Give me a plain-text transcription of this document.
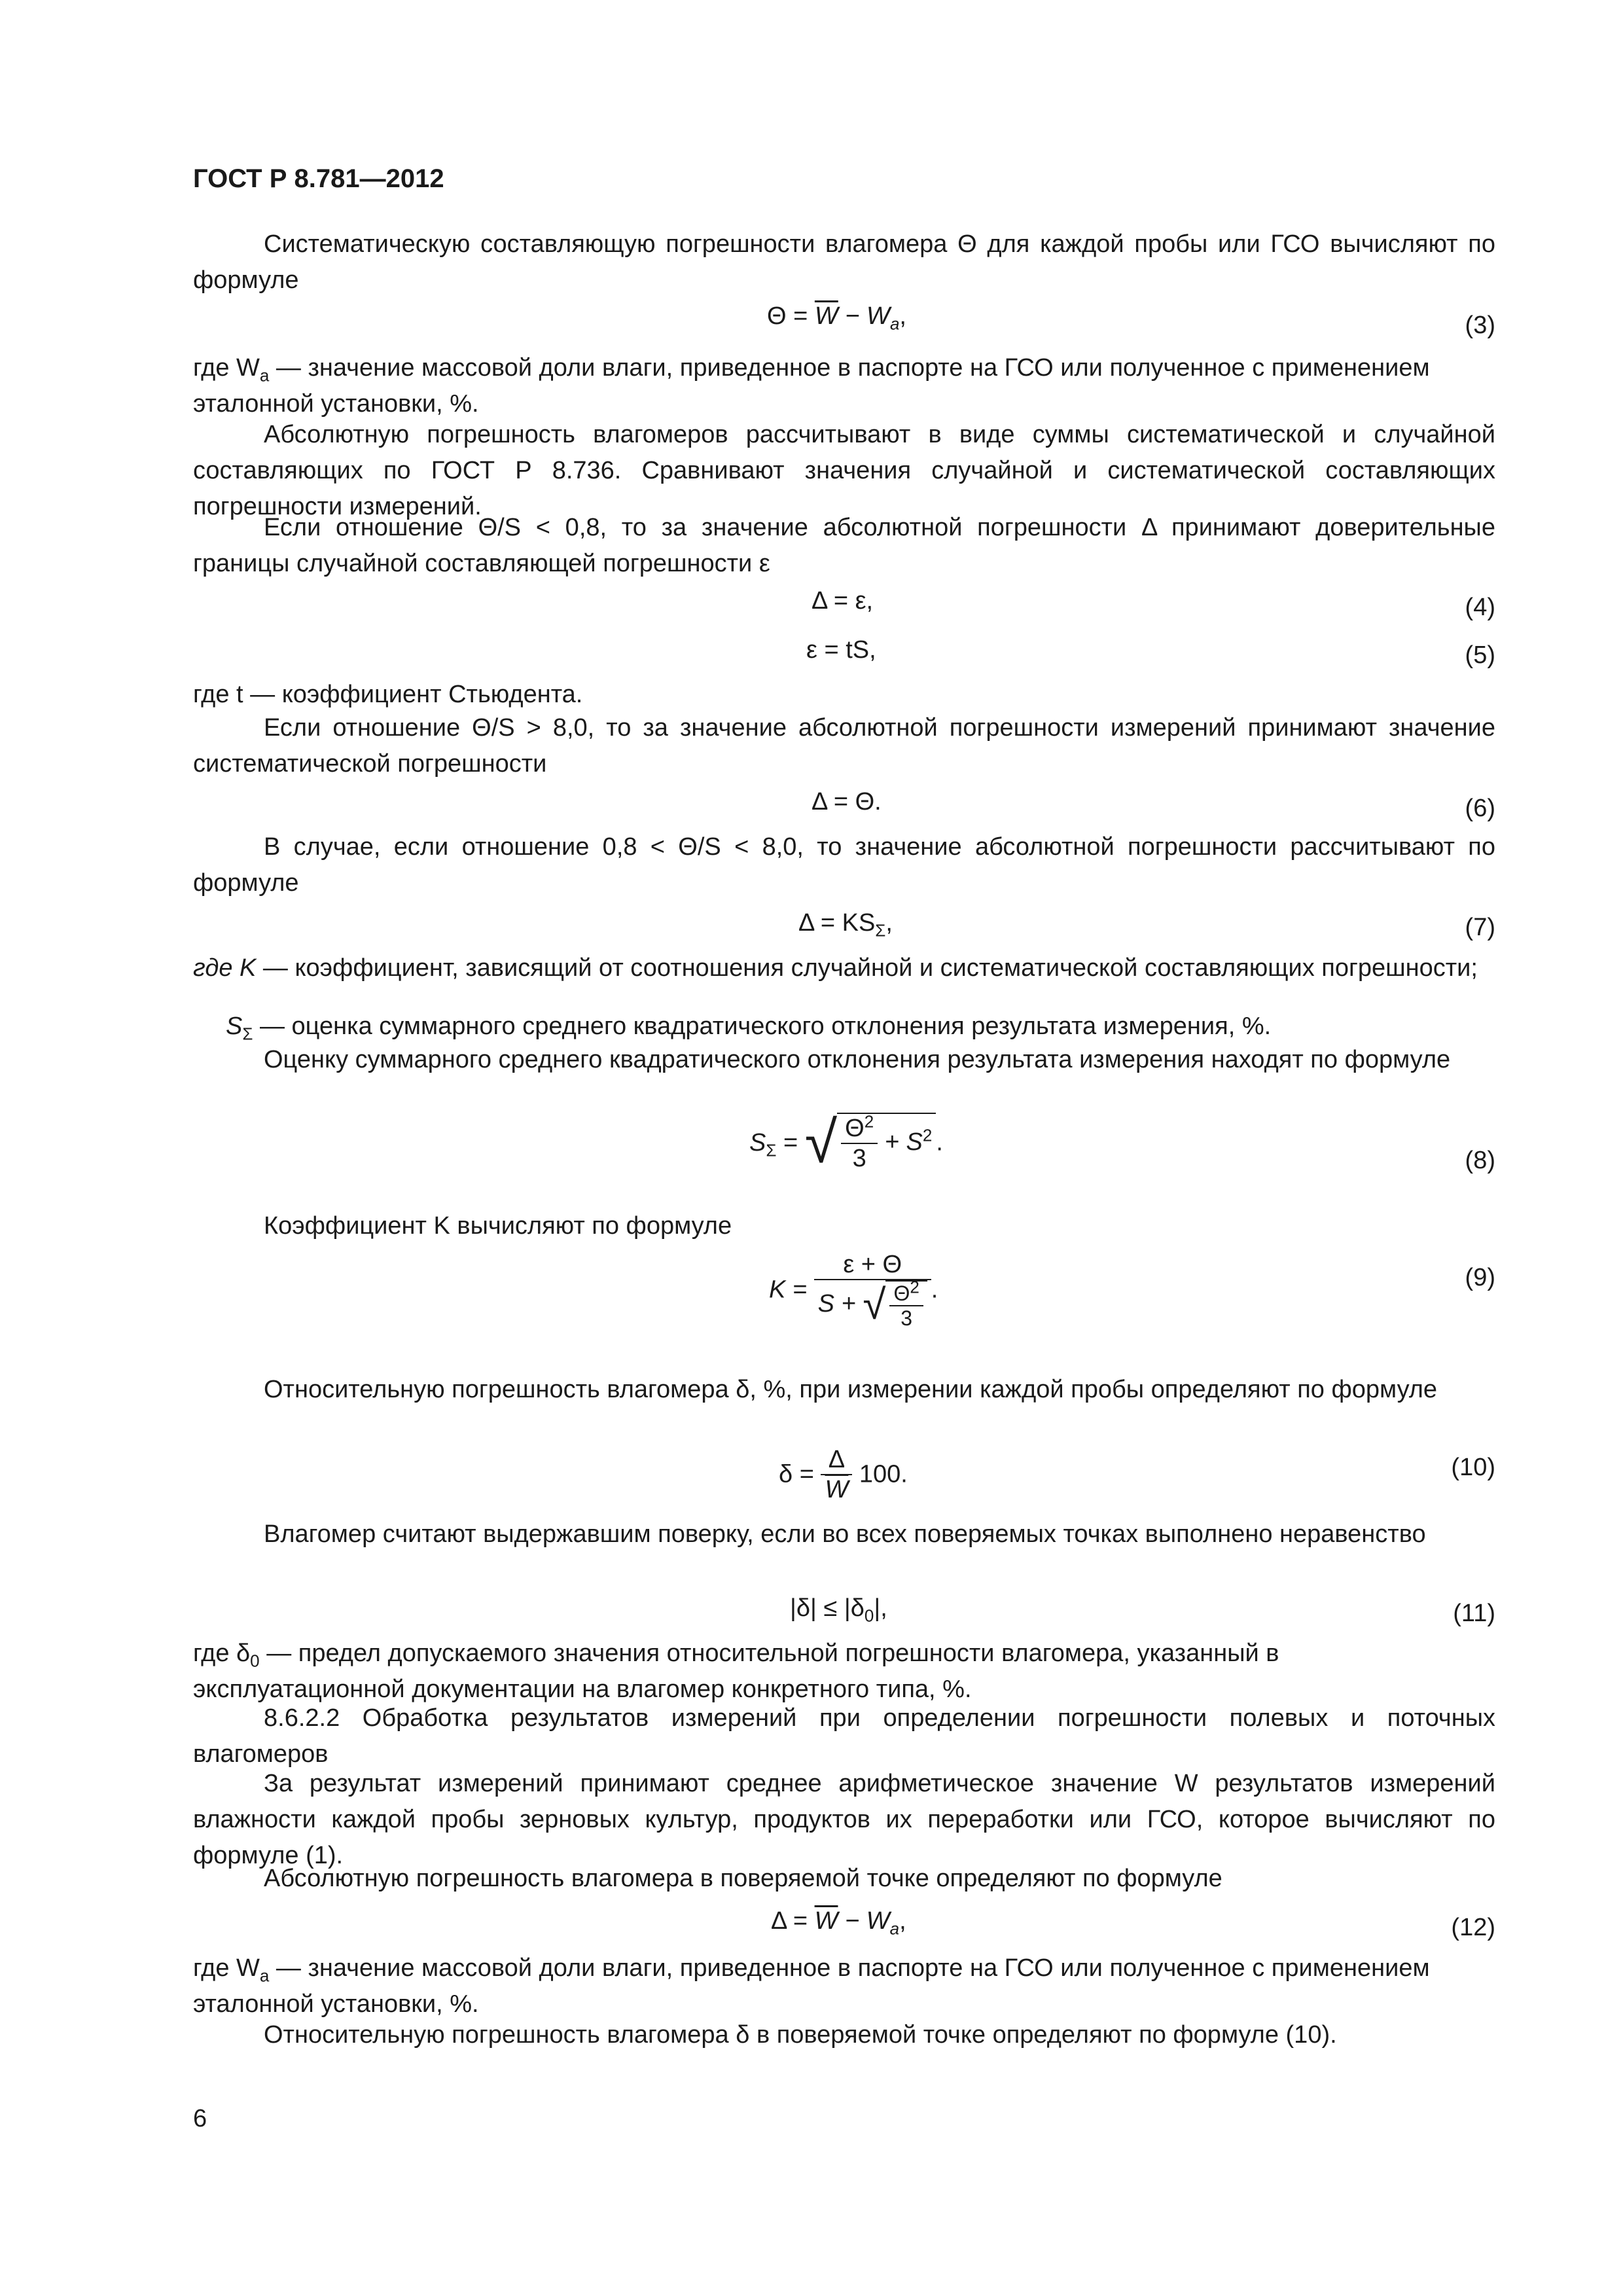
ГОСТ Р 8.781—2012
Систематическую составляющую погрешности влагомера Θ для каждой пробы или ГСО вычисляют по формуле
$\Theta = \overline{W} - W_a$,	(3)
где $W_a$ — значение массовой доли влаги, приведенное в паспорте на ГСО или полученное с применением эталонной установки, %.
Абсолютную погрешность влагомеров рассчитывают в виде суммы систематической и случайной составляющих по ГОСТ Р 8.736. Сравнивают значения случайной и систематической составляющих погрешности измерений.
Если отношение Θ/S < 0,8, то за значение абсолютной погрешности Δ принимают доверительные границы случайной составляющей погрешности ε
Δ = ε,	(4)
ε = tS,	(5)
где t — коэффициент Стьюдента.
Если отношение Θ/S > 8,0, то за значение абсолютной погрешности измерений принимают значение систематической погрешности
Δ = Θ.	(6)
В случае, если отношение 0,8 < Θ/S < 8,0, то значение абсолютной погрешности рассчитывают по формуле
$\Delta = KS_\Sigma$,	(7)
где K — коэффициент, зависящий от соотношения случайной и систематической составляющих погрешности;
$S_\Sigma$ — оценка суммарного среднего квадратического отклонения результата измерения, %.
Оценку суммарного среднего квадратического отклонения результата измерения находят по формуле
$S_\Sigma$ = √ $\frac{\Theta^2}{3} + S^2$ .
(8)
Коэффициент K вычисляют по формуле
$K = \frac{\varepsilon + \Theta}{S + √ \frac{\Theta^2}{3}}$ .	(9)
Относительную погрешность влагомера δ, %, при измерении каждой пробы определяют по формуле
$\delta = \frac{\Delta}{W} 100$.	(10)
Влагомер считают выдержавшим поверку, если во всех поверяемых точках выполнено неравенство
$|\delta| \le |\delta_0|$,	(11)
где $\delta_0$ — предел допускаемого значения относительной погрешности влагомера, указанный в эксплуатационной документации на влагомер конкретного типа, %.
8.6.2.2 Обработка результатов измерений при определении погрешности полевых и поточных влагомеров
За результат измерений принимают среднее арифметическое значение W результатов измерений влажности каждой пробы зерновых культур, продуктов их переработки или ГСО, которое вычисляют по формуле (1).
Абсолютную погрешность влагомера в поверяемой точке определяют по формуле
$\Delta = \overline{W} - W_a$,	(12)
где $W_a$ — значение массовой доли влаги, приведенное в паспорте на ГСО или полученное с применением эталонной установки, %.
Относительную погрешность влагомера δ в поверяемой точке определяют по формуле (10).
6
